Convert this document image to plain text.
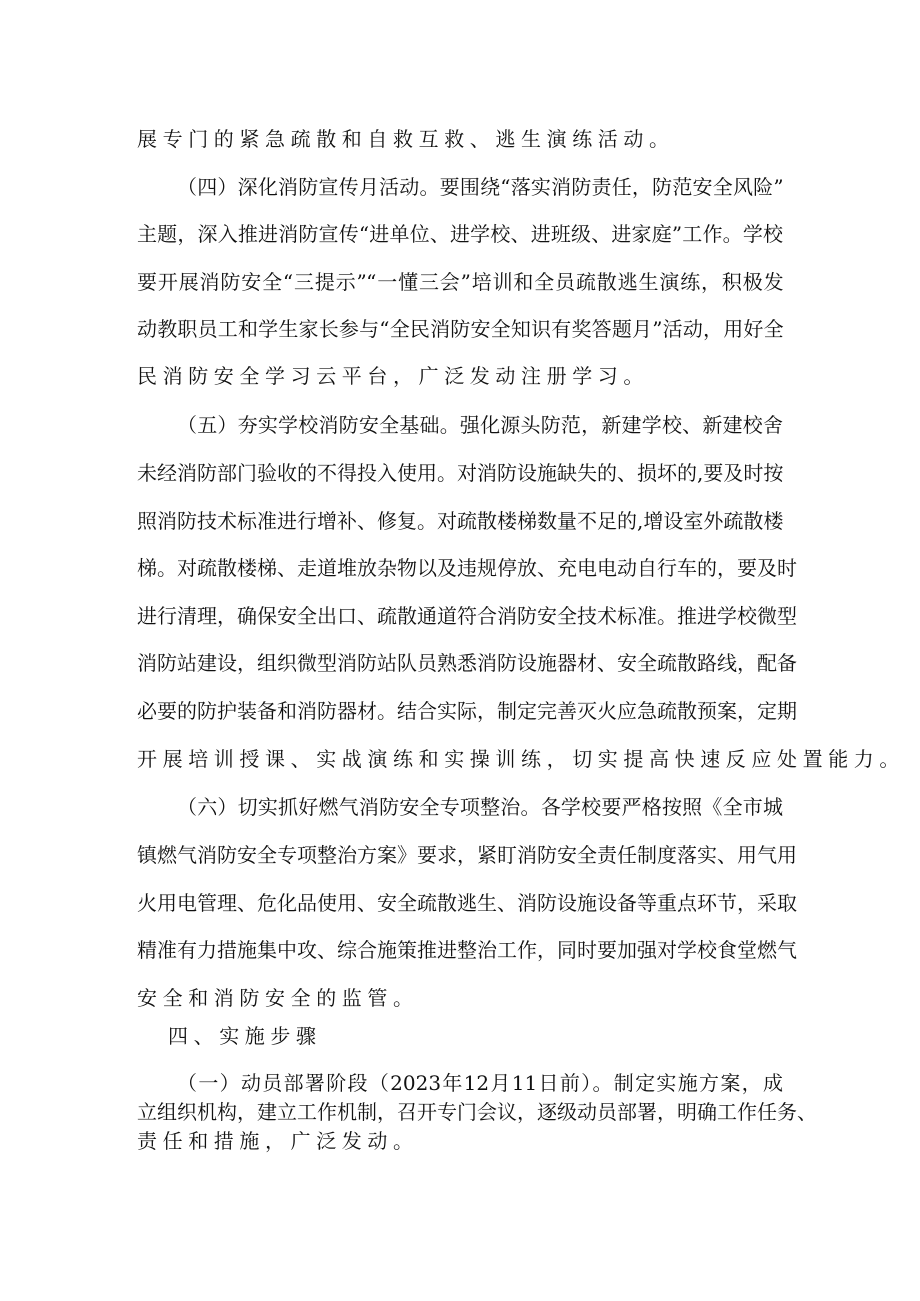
展专门的紧急疏散和自救互救、逃生演练活动。
（四）深化消防宣传月活动。要围绕“落实消防责任，防范安全风险”
主题，深入推进消防宣传“进单位、进学校、进班级、进家庭”工作。学校
要开展消防安全“三提示”“一懂三会”培训和全员疏散逃生演练，积极发
动教职员工和学生家长参与“全民消防安全知识有奖答题月”活动，用好全
民消防安全学习云平台，广泛发动注册学习。
（五）夯实学校消防安全基础。强化源头防范，新建学校、新建校舍
未经消防部门验收的不得投入使用。对消防设施缺失的、损坏的,要及时按
照消防技术标准进行增补、修复。对疏散楼梯数量不足的,增设室外疏散楼
梯。对疏散楼梯、走道堆放杂物以及违规停放、充电电动自行车的，要及时
进行清理，确保安全出口、疏散通道符合消防安全技术标准。推进学校微型
消防站建设，组织微型消防站队员熟悉消防设施器材、安全疏散路线，配备
必要的防护装备和消防器材。结合实际，制定完善灭火应急疏散预案，定期
开展培训授课、实战演练和实操训练，切实提高快速反应处置能力。
（六）切实抓好燃气消防安全专项整治。各学校要严格按照《全市城
镇燃气消防安全专项整治方案》要求，紧盯消防安全责任制度落实、用气用
火用电管理、危化品使用、安全疏散逃生、消防设施设备等重点环节，采取
精准有力措施集中攻、综合施策推进整治工作，同时要加强对学校食堂燃气
安全和消防安全的监管。
四、实施步骤
（一）动员部署阶段（2023年12月11日前）。制定实施方案，成
立组织机构，建立工作机制，召开专门会议，逐级动员部署，明确工作任务、
责任和措施，广泛发动。
